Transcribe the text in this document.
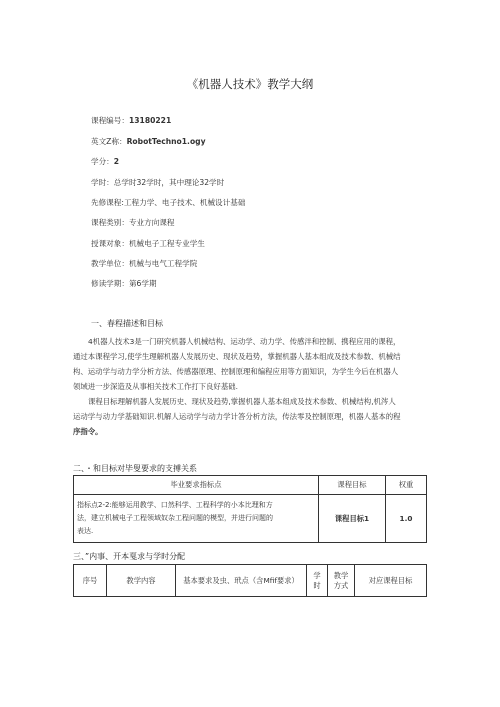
《机器人技术》教学大纲
课程编号：13180221
英文Z称：RobotTechno1.ogy
学分：2
学时：总学时32学时，其中理论32学时
先修课程:工程力学、电子技术、机械设计基础
课程类别：专业方向课程
授课对象：机械电子工程专业学生
教学单位：机械与电气工程学院
修读学期：第6学期
一、春程描述和目标
4机器人技术3是一门研究机器人机械结构、运动学、动力学、传感泮和控制、携程应用的课程，
通过本课程学习,使学生理解机器人发展历史、现状及趋势，掌握机器人基本组成及技术参数、机械结
构、运动学与动力学分析方法、传感器原理、控制原理和编程应用等方面知识，为学生今后在机器人
领域进一步深造及从事相关技术工作打下良好基础.
课程目标理解机器人发展历史、现状及趋势,掌握机器人基本组成及技术参数、机械结构,机涔人
运动学与动力学基础知识.机解人运动学与动力学计答分析方法，传法零及控制原理，机器人基本的程
序指令。
二、・和目标对毕叟要求的支搏关系
毕业要求指标点	课程目标	权重

指标点2-2:能够运用教学、口然科学、工程科学的小本比理和方
法，建立机械电子工程领域奴杂工程问题的模型，并进行问题的
表达.	课程目标1	1.0
三、”内事、开本戛求与学时分配
序号	教学内容	基本要求及虫、玳点（含Mfif要求）	学时	教学方式	对应课程目标
